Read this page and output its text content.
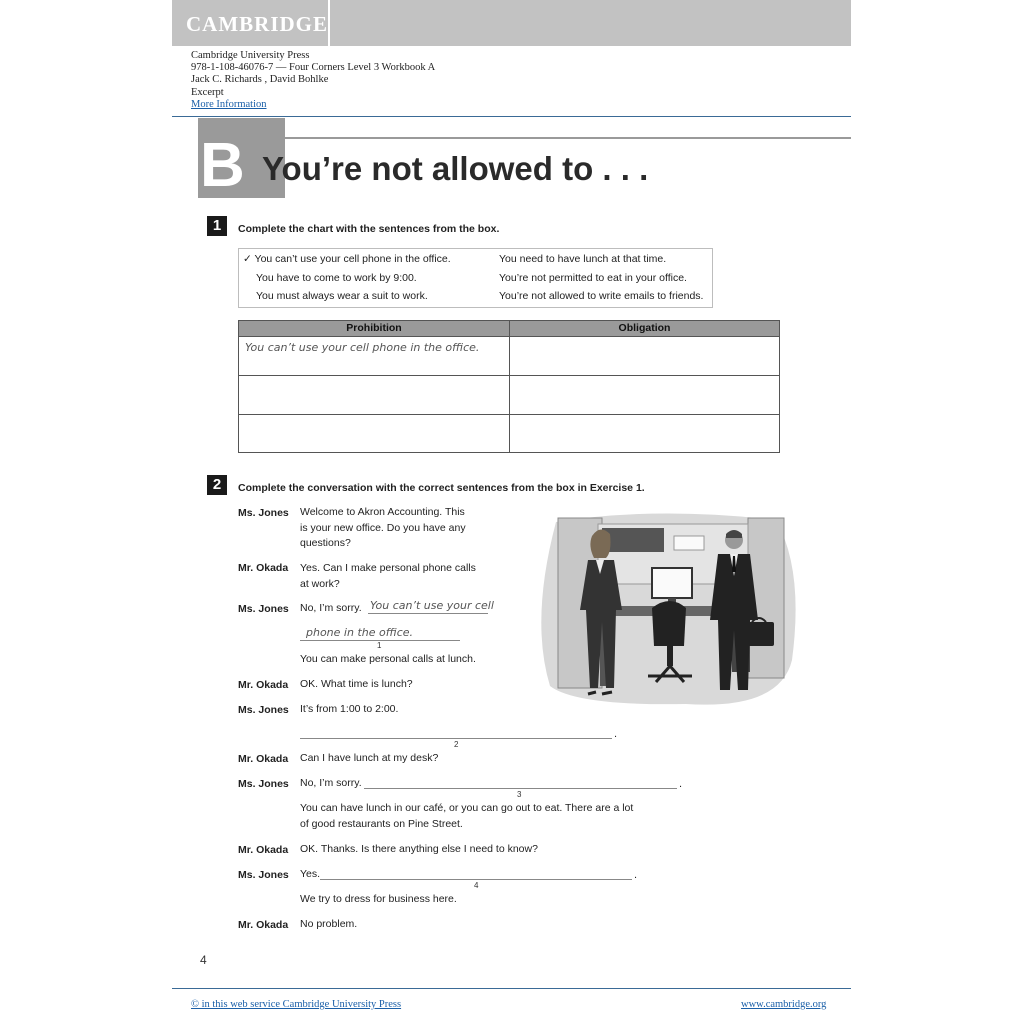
CAMBRIDGE
Cambridge University Press
978-1-108-46076-7 — Four Corners Level 3 Workbook A
Jack C. Richards , David Bohlke
Excerpt
More Information
B You’re not allowed to . . .
1	Complete the chart with the sentences from the box.
✓ You can’t use your cell phone in the office.
You have to come to work by 9:00.
You must always wear a suit to work.
You need to have lunch at that time.
You’re not permitted to eat in your office.
You’re not allowed to write emails to friends.
Prohibition	Obligation
You can’t use your cell phone in the office.
2	Complete the conversation with the correct sentences from the box in Exercise 1.
Ms. Jones Welcome to Akron Accounting. This
is your new office. Do you have any
questions?
Mr. Okada Yes. Can I make personal phone calls
at work?
Ms. Jones No, I’m sorry. You can’t use your cell
phone in the office.
1
You can make personal calls at lunch.
Mr. Okada OK. What time is lunch?
Ms. Jones It’s from 1:00 to 2:00.
.
2
Mr. Okada Can I have lunch at my desk?
Ms. Jones No, I’m sorry.	.
3
You can have lunch in our café, or you can go out to eat. There are a lot
of good restaurants on Pine Street.
Mr. Okada OK. Thanks. Is there anything else I need to know?
Ms. Jones Yes.	.
4
We try to dress for business here.
Mr. Okada No problem.
4
© in this web service Cambridge University Press	www.cambridge.org
